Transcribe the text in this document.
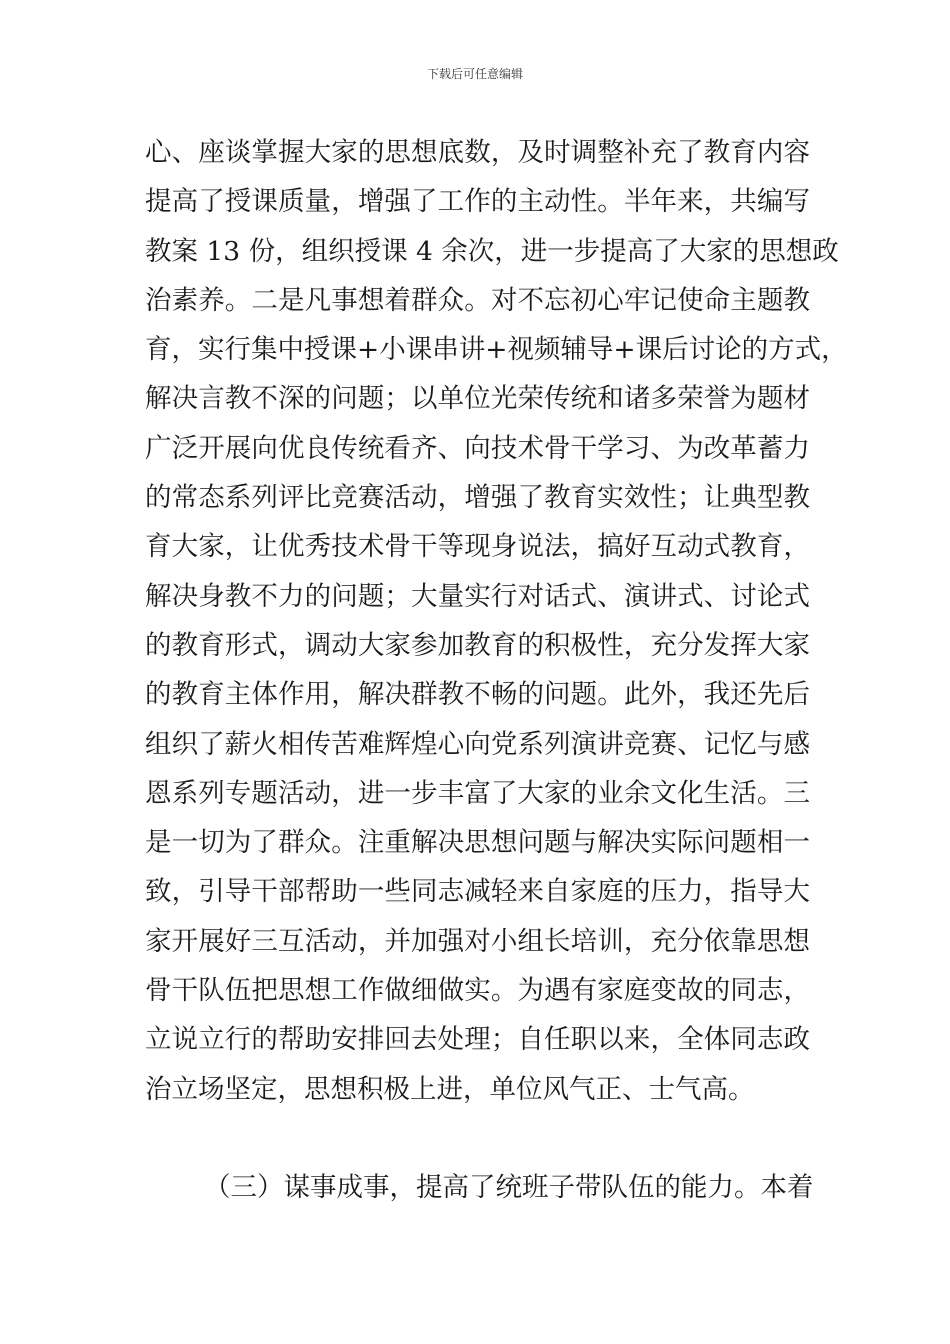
下载后可任意编辑
心、座谈掌握大家的思想底数，及时调整补充了教育内容
提高了授课质量，增强了工作的主动性。半年来，共编写
教案 13 份，组织授课 4 余次，进一步提高了大家的思想政
治素养。二是凡事想着群众。对不忘初心牢记使命主题教
育，实行集中授课+小课串讲+视频辅导+课后讨论的方式，
解决言教不深的问题；以单位光荣传统和诸多荣誉为题材
广泛开展向优良传统看齐、向技术骨干学习、为改革蓄力
的常态系列评比竞赛活动，增强了教育实效性；让典型教
育大家，让优秀技术骨干等现身说法，搞好互动式教育，
解决身教不力的问题；大量实行对话式、演讲式、讨论式
的教育形式，调动大家参加教育的积极性，充分发挥大家
的教育主体作用，解决群教不畅的问题。此外，我还先后
组织了薪火相传苦难辉煌心向党系列演讲竞赛、记忆与感
恩系列专题活动，进一步丰富了大家的业余文化生活。三
是一切为了群众。注重解决思想问题与解决实际问题相一
致，引导干部帮助一些同志减轻来自家庭的压力，指导大
家开展好三互活动，并加强对小组长培训，充分依靠思想
骨干队伍把思想工作做细做实。为遇有家庭变故的同志，
立说立行的帮助安排回去处理；自任职以来，全体同志政
治立场坚定，思想积极上进，单位风气正、士气高。
（三）谋事成事，提高了统班子带队伍的能力。本着
